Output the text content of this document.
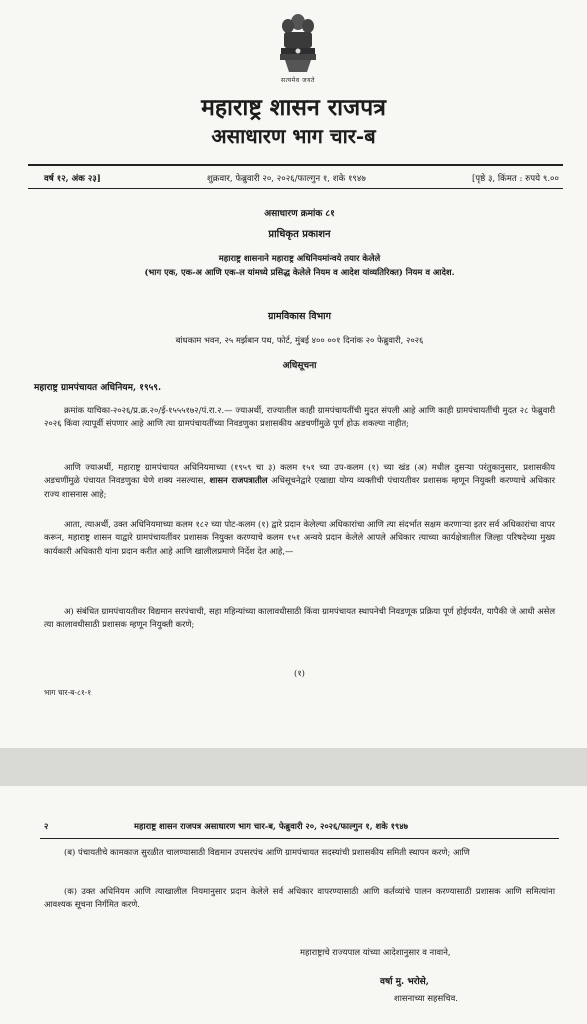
सत्यमेव जयते
महाराष्ट्र शासन राजपत्र
असाधारण भाग चार-ब
वर्ष १२, अंक २३]	शुक्रवार, फेब्रुवारी २०, २०२६/फाल्गुन १, शके १९४७	[पृष्ठे ३, किंमत : रुपये ९.००
असाधारण क्रमांक ८१
प्राधिकृत प्रकाशन
महाराष्ट्र शासनाने महाराष्ट्र अधिनियमांन्वये तयार केलेले
(भाग एक, एक-अ आणि एक-ल यांमध्ये प्रसिद्ध केलेले नियम व आदेश यांव्यतिरिक्त) नियम व आदेश.
ग्रामविकास विभाग
बांधकाम भवन, २५ मर्झबान पथ, फोर्ट, मुंबई ४०० ००१ दिनांक २० फेब्रुवारी, २०२६
अधिसूचना
महाराष्ट्र ग्रामपंचायत अधिनियम, १९५९.
क्रमांक याचिका-२०२६/प्र.क्र.२०/ई-१५५५१७२/पं.रा.२.— ज्याअर्थी, राज्यातील काही ग्रामपंचायतींची मुदत संपली आहे आणि काही ग्रामपंचायतींची मुदत २८ फेब्रुवारी २०२६ किंवा त्यापूर्वी संपणार आहे आणि त्या ग्रामपंचायतींच्या निवडणुका प्रशासकीय अडचणींमुळे पूर्ण होऊ शकल्या नाहीत;
आणि ज्याअर्थी, महाराष्ट्र ग्रामपंचायत अधिनियमाच्या (१९५९ चा ३) कलम १५१ च्या उप-कलम (१) च्या खंड (अ) मधील दुसऱ्या परंतुकानुसार, प्रशासकीय अडचणींमुळे पंचायत निवडणुका घेणे शक्य नसल्यास, शासन राजपत्रातील अधिसूचनेद्वारे एखाद्या योग्य व्यक्तीची पंचायतीवर प्रशासक म्हणून नियुक्ती करण्याचे अधिकार राज्य शासनास आहे;
आता, त्याअर्थी, उक्त अधिनियमाच्या कलम १८२ च्या पोट-कलम (१) द्वारे प्रदान केलेल्या अधिकारांचा आणि त्या संदर्भात सक्षम करणाऱ्या इतर सर्व अधिकारांचा वापर करून, महाराष्ट्र शासन याद्वारे ग्रामपंचायतींवर प्रशासक नियुक्त करण्याचे कलम १५१ अन्वये प्रदान केलेले आपले अधिकार त्याच्या कार्यक्षेत्रातील जिल्हा परिषदेच्या मुख्य कार्यकारी अधिकारी यांना प्रदान करीत आहे आणि खालीलप्रमाणे निर्देश देत आहे,—
अ) संबंधित ग्रामपंचायतीवर विद्यमान सरपंचाची, सहा महिन्यांच्या कालावधीसाठी किंवा ग्रामपंचायत स्थापनेची निवडणूक प्रक्रिया पूर्ण होईपर्यंत, यापैकी जे आधी असेल त्या कालावधीसाठी प्रशासक म्हणून नियुक्ती करणे;
(१)
भाग चार-ब-८१-१
२	महाराष्ट्र शासन राजपत्र असाधारण भाग चार-ब, फेब्रुवारी २०, २०२६/फाल्गुन १, शके १९४७
(ब) पंचायतीचे कामकाज सुरळीत चालण्यासाठी विद्यमान उपसरपंच आणि ग्रामपंचायत सदस्यांची प्रशासकीय समिती स्थापन करणे; आणि
(क) उक्त अधिनियम आणि त्याखालील नियमानुसार प्रदान केलेले सर्व अधिकार वापरण्यासाठी आणि कर्तव्यांचे पालन करण्यासाठी प्रशासक आणि समित्यांना आवश्यक सूचना निर्गमित करणे.
महाराष्ट्राचे राज्यपाल यांच्या आदेशानुसार व नावाने,
वर्षा मु. भरोसे,
शासनाच्या सहसचिव.
